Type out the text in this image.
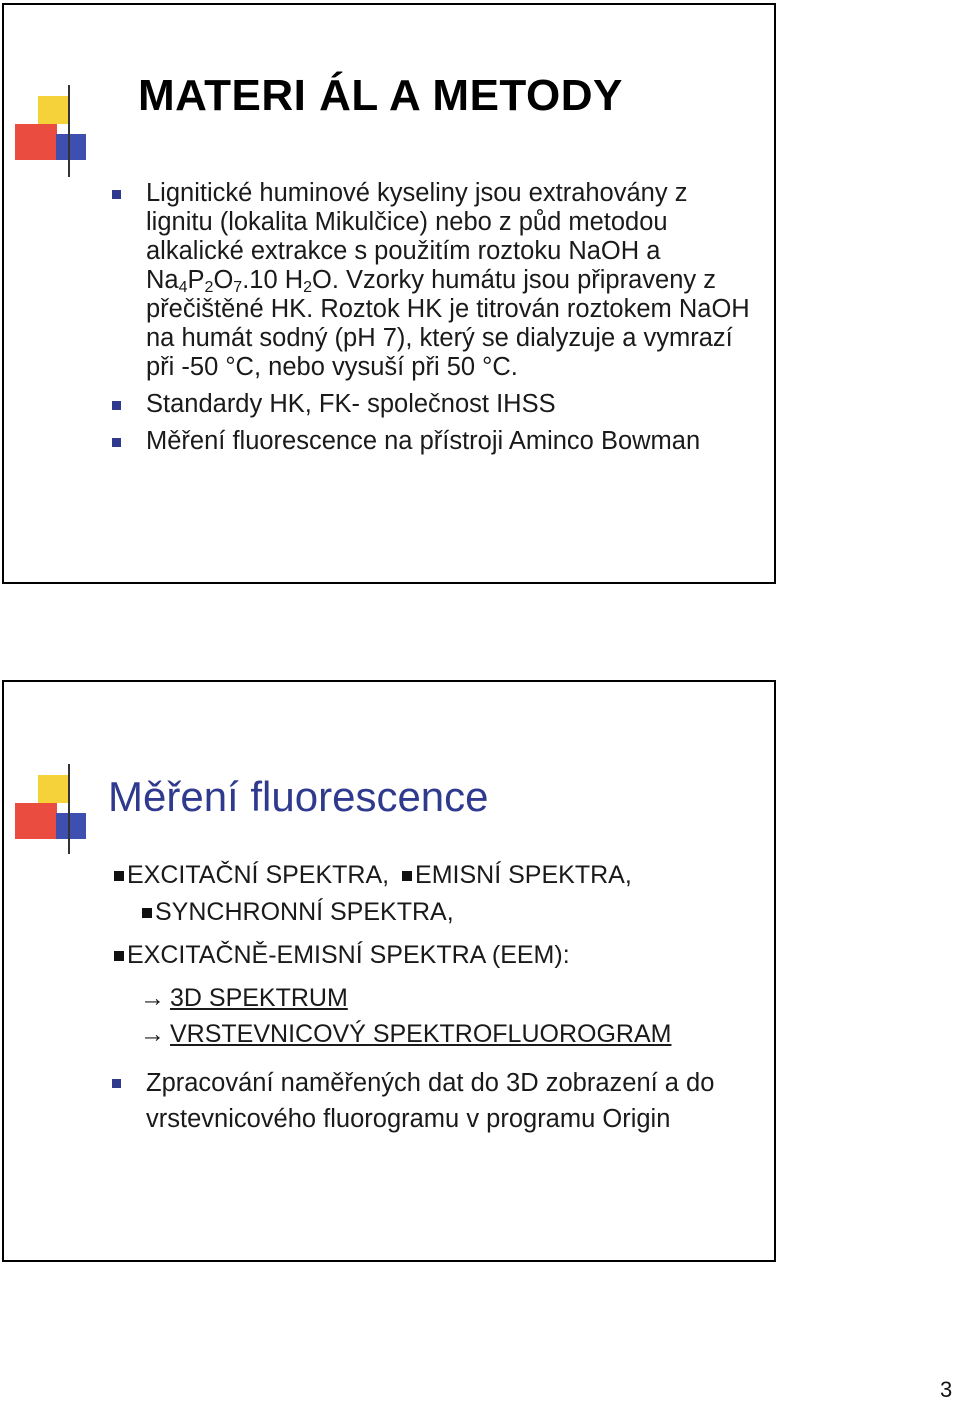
MATERI ÁL A METODY
Lignitické huminové kyseliny jsou extrahovány z lignitu (lokalita Mikulčice) nebo z půd metodou alkalické extrakce s použitím roztoku NaOH a $Na_4P_2O_7.10$ $H_2O$. Vzorky humátu jsou připraveny z přečištěné HK. Roztok HK je titrován roztokem NaOH na humát sodný (pH 7), který se dialyzuje a vymrazí při -50 °C, nebo vysuší při 50 °C.
Standardy HK, FK- společnost IHSS
Měření fluorescence na přístroji Aminco Bowman
Měření fluorescence
EXCITAČNÍ SPEKTRA, EMISNÍ SPEKTRA,
SYNCHRONNÍ SPEKTRA,
EXCITAČNĚ-EMISNÍ SPEKTRA (EEM):
→ 3D SPEKTRUM
→ VRSTEVNICOVÝ SPEKTROFLUOROGRAM
Zpracování naměřených dat do 3D zobrazení a do vrstevnicového fluorogramu v programu Origin
3
